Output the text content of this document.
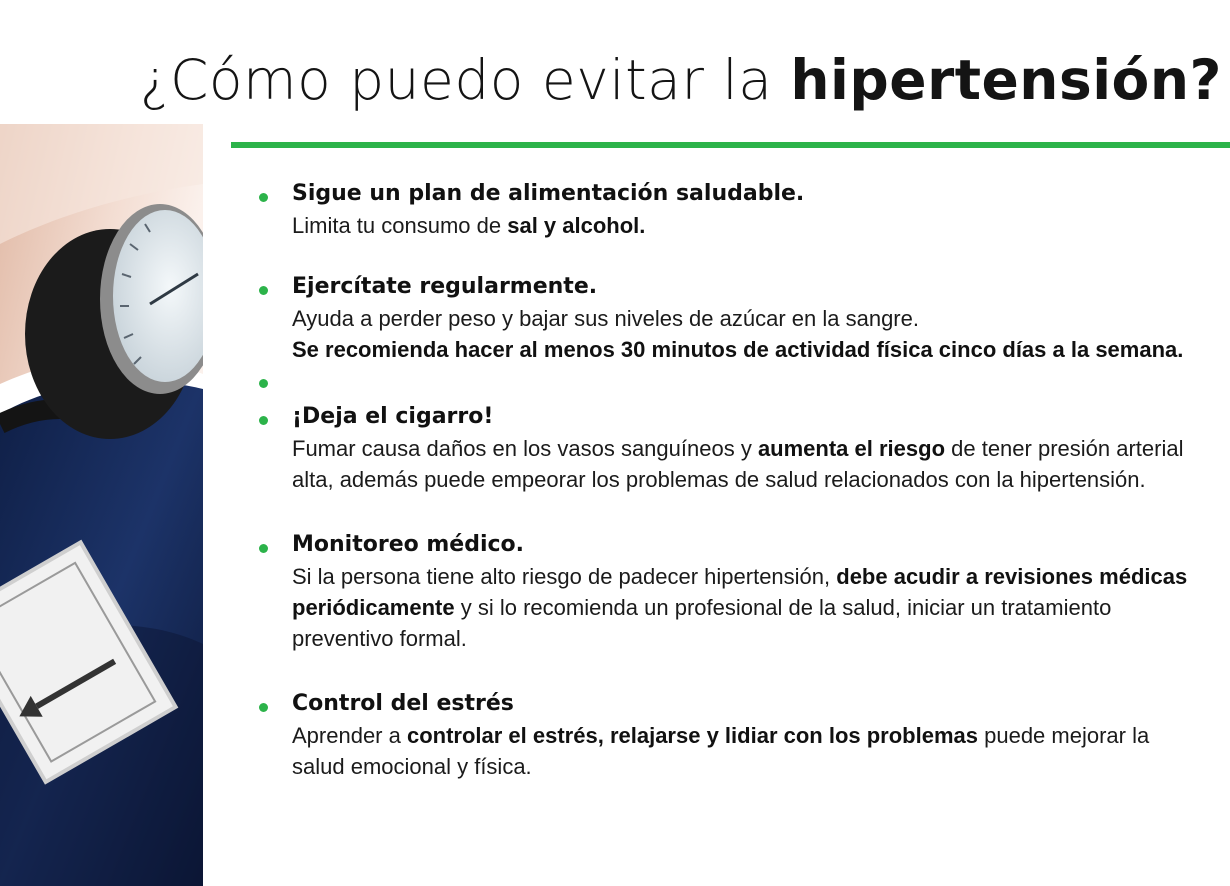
¿Cómo puedo evitar la hipertensión?
Sigue un plan de alimentación saludable.
Limita tu consumo de sal y alcohol.
Ejercítate regularmente.
Ayuda a perder peso y bajar sus niveles de azúcar en la sangre.
Se recomienda hacer al menos 30 minutos de actividad física cinco días a la semana.
¡Deja el cigarro!
Fumar causa daños en los vasos sanguíneos y aumenta el riesgo de tener presión arterial alta, además puede empeorar los problemas de salud relacionados con la hipertensión.
Monitoreo médico.
Si la persona tiene alto riesgo de padecer hipertensión, debe acudir a revisiones médicas periódicamente y si lo recomienda un profesional de la salud, iniciar un tratamiento preventivo formal.
Control del estrés
Aprender a controlar el estrés, relajarse y lidiar con los problemas puede mejorar la salud emocional y física.
